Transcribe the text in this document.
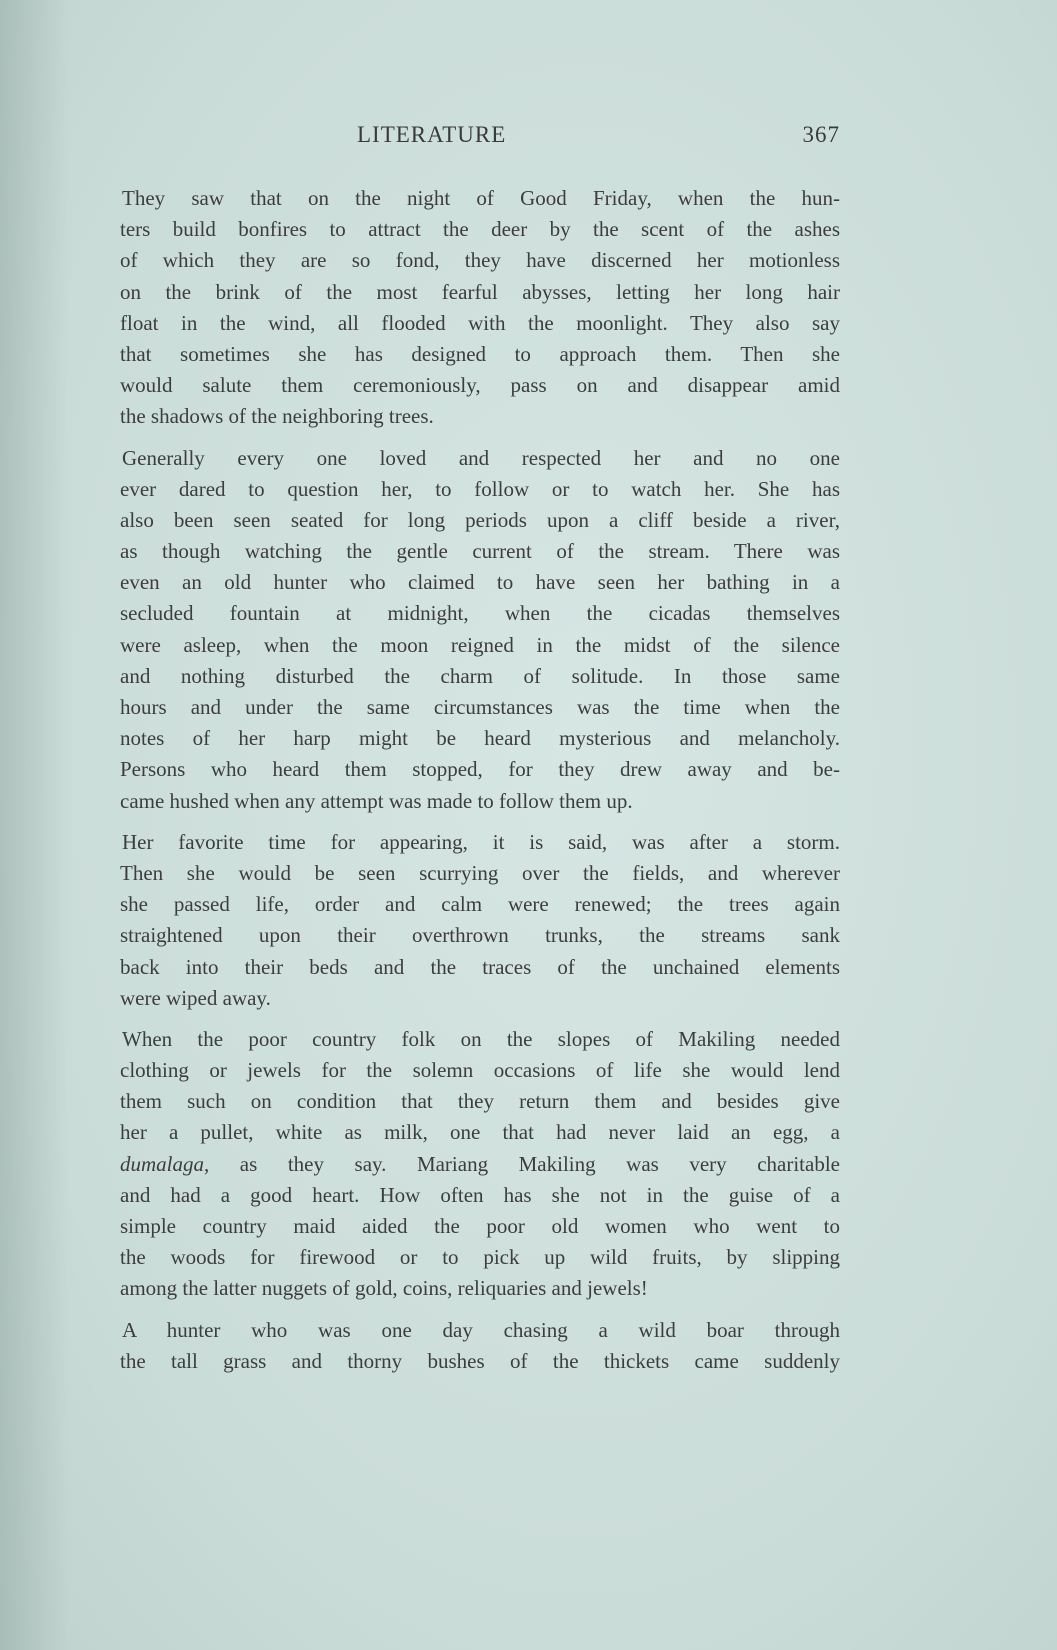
LITERATURE	367

They saw that on the night of Good Friday, when the hun-

ters build bonfires to attract the deer by the scent of the ashes

of which they are so fond, they have discerned her motionless

on the brink of the most fearful abysses, letting her long hair

float in the wind, all flooded with the moonlight. They also say

that sometimes she has designed to approach them. Then she

would salute them ceremoniously, pass on and disappear amid

the shadows of the neighboring trees.

Generally every one loved and respected her and no one

ever dared to question her, to follow or to watch her. She has

also been seen seated for long periods upon a cliff beside a river,

as though watching the gentle current of the stream. There was

even an old hunter who claimed to have seen her bathing in a

secluded fountain at midnight, when the cicadas themselves

were asleep, when the moon reigned in the midst of the silence

and nothing disturbed the charm of solitude. In those same

hours and under the same circumstances was the time when the

notes of her harp might be heard mysterious and melancholy.

Persons who heard them stopped, for they drew away and be-

came hushed when any attempt was made to follow them up.

Her favorite time for appearing, it is said, was after a storm.

Then she would be seen scurrying over the fields, and wherever

she passed life, order and calm were renewed; the trees again

straightened upon their overthrown trunks, the streams sank

back into their beds and the traces of the unchained elements

were wiped away.

When the poor country folk on the slopes of Makiling needed

clothing or jewels for the solemn occasions of life she would lend

them such on condition that they return them and besides give

her a pullet, white as milk, one that had never laid an egg, a

dumalaga, as they say. Mariang Makiling was very charitable

and had a good heart. How often has she not in the guise of a

simple country maid aided the poor old women who went to

the woods for firewood or to pick up wild fruits, by slipping

among the latter nuggets of gold, coins, reliquaries and jewels!

A hunter who was one day chasing a wild boar through

the tall grass and thorny bushes of the thickets came suddenly
